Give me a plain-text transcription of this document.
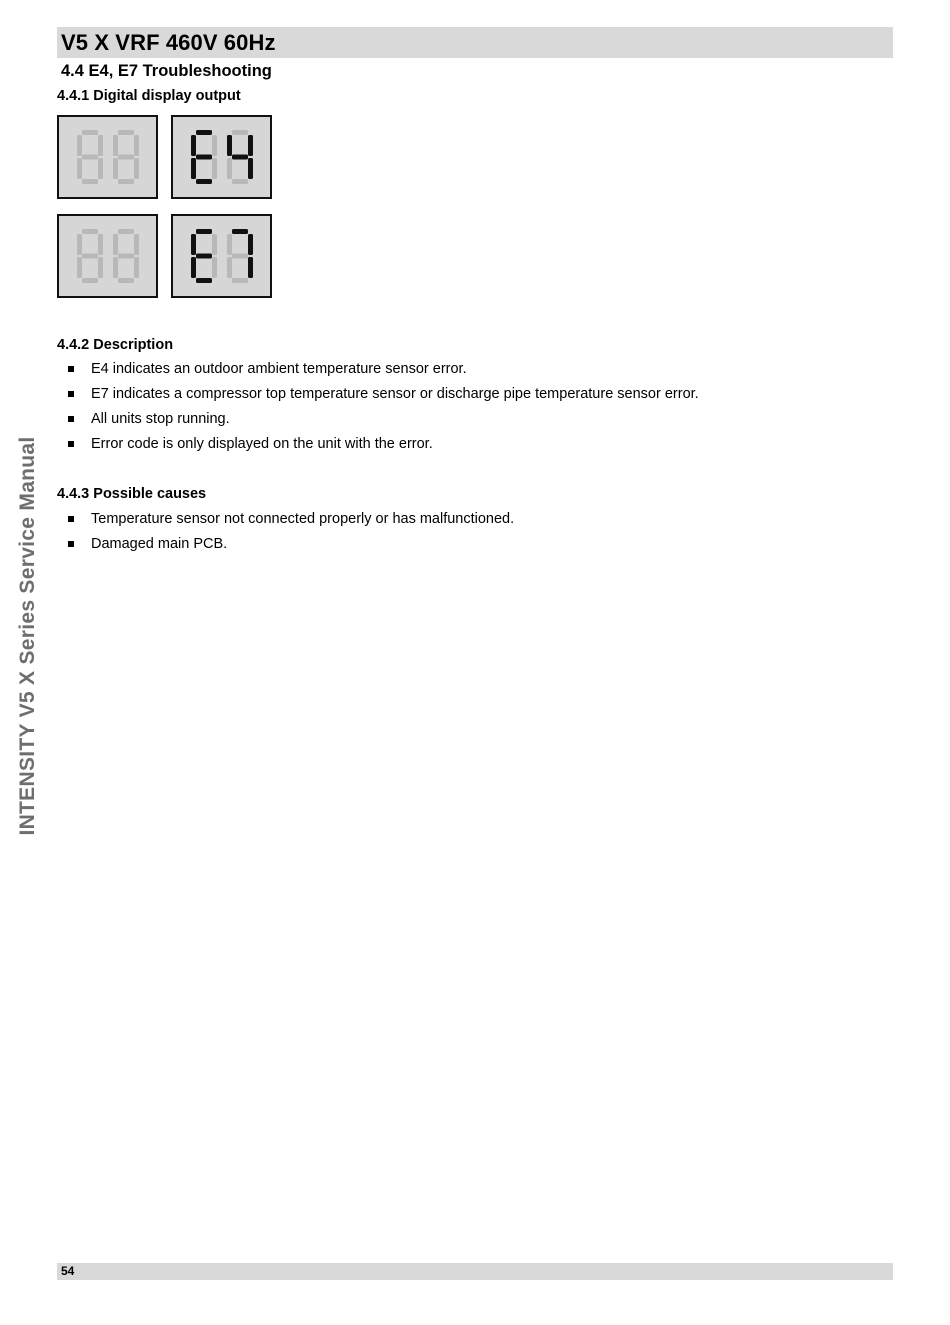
V5 X VRF 460V 60Hz
4.4 E4, E7 Troubleshooting
4.4.1 Digital display output
4.4.2 Description
E4 indicates an outdoor ambient temperature sensor error.
E7 indicates a compressor top temperature sensor or discharge pipe temperature sensor error.
All units stop running.
Error code is only displayed on the unit with the error.
4.4.3 Possible causes
Temperature sensor not connected properly or has malfunctioned.
Damaged main PCB.
INTENSITY V5 X Series Service Manual
54
